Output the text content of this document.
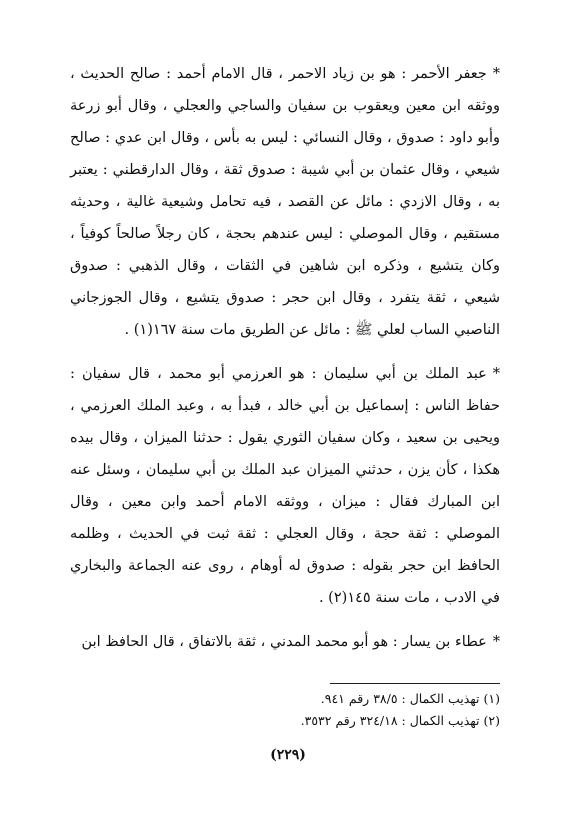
*جعفر الأحمر : هو بن زياد الاحمر ، قال الامام أحمد : صالح الحديث ، ووثقه ابن معين ويعقوب بن سفيان والساجي والعجلي ، وقال أبو زرعة وأبو داود : صدوق ، وقال النسائي : ليس به بأس ، وقال ابن عدي : صالح شيعي ، وقال عثمان بن أبي شيبة : صدوق ثقة ، وقال الدارقطني : يعتبر به ، وقال الازدي : مائل عن القصد ، فيه تحامل وشيعية غالية ، وحديثه مستقيم ، وقال الموصلي : ليس عندهم بحجة ، كان رجلاً صالحاً كوفياً ، وكان يتشيع ، وذكره ابن شاهين في الثقات ، وقال الذهبي : صدوق شيعي ، ثقة يتفرد ، وقال ابن حجر : صدوق يتشيع ، وقال الجوزجاني الناصبي الساب لعلي ﷺ : مائل عن الطريق مات سنة ١٦٧(١) .

*عبد الملك بن أبي سليمان : هو العرزمي أبو محمد ، قال سفيان : حفاظ الناس : إسماعيل بن أبي خالد ، فبدأ به ، وعبد الملك العرزمي ، ويحيى بن سعيد ، وكان سفيان الثوري يقول : حدثنا الميزان ، وقال بيده هكذا ، كأن يزن ، حدثني الميزان عبد الملك بن أبي سليمان ، وسئل عنه ابن المبارك فقال : ميزان ، ووثقه الامام أحمد وابن معين ، وقال الموصلي : ثقة حجة ، وقال العجلي : ثقة ثبت في الحديث ، وظلمه الحافظ ابن حجر بقوله : صدوق له أوهام ، روى عنه الجماعة والبخاري في الادب ، مات سنة ١٤٥(٢) .

*عطاء بن يسار : هو أبو محمد المدني ، ثقة بالاتفاق ، قال الحافظ ابن

(١) تهذيب الكمال : ٣٨/٥ رقم ٩٤١.

(٢) تهذيب الكمال : ٣٢٤/١٨ رقم ٣٥٣٢.

(٢٢٩)
